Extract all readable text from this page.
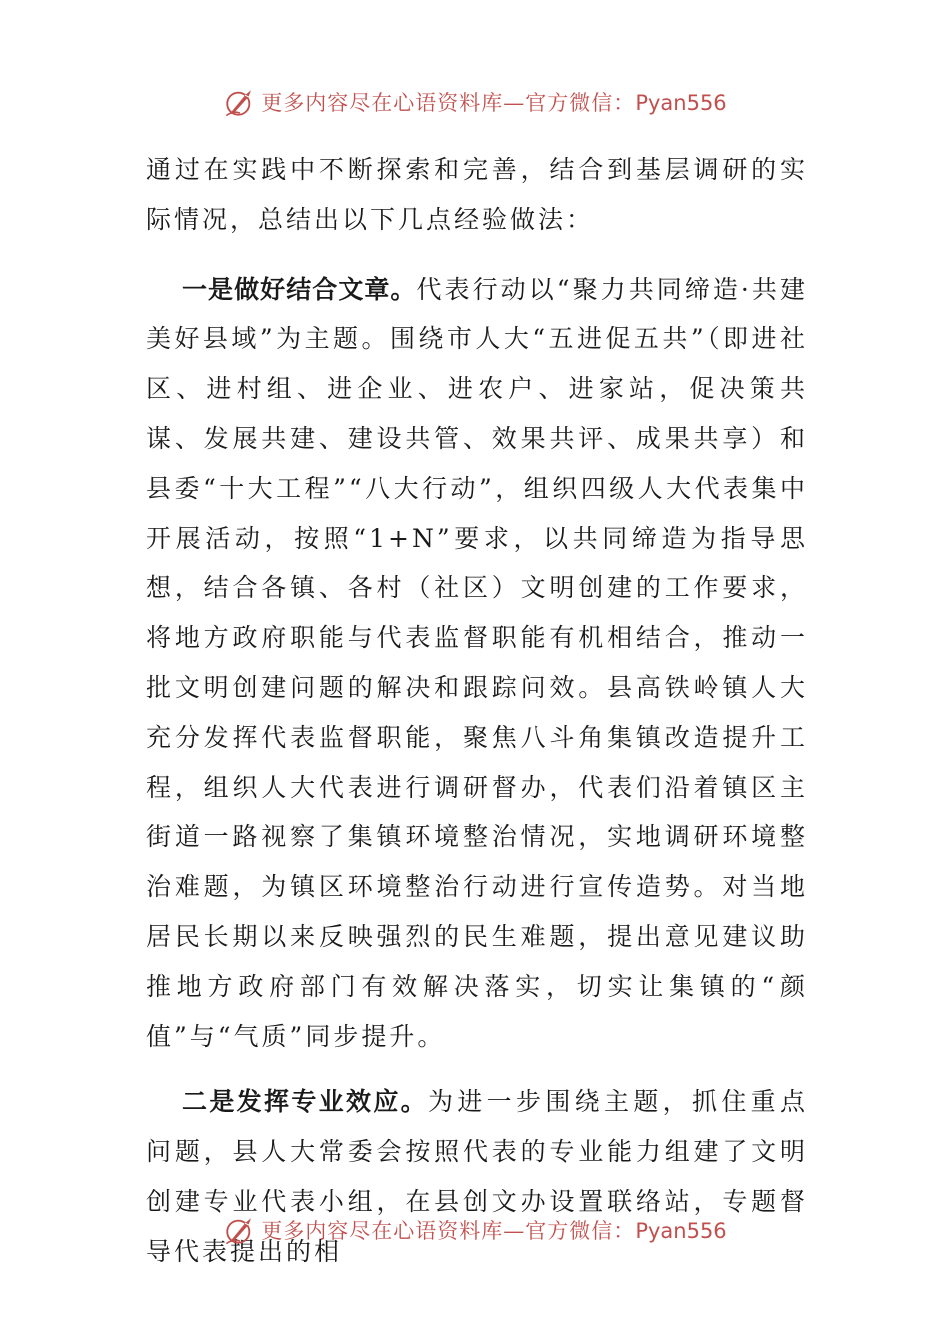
更多内容尽在心语资料库—官方微信：Pyan556

通过在实践中不断探索和完善，结合到基层调研的实际情况，总结出以下几点经验做法：

一是做好结合文章。代表行动以“聚力共同缔造·共建美好县域”为主题。围绕市人大“五进促五共”（即进社区、进村组、进企业、进农户、进家站，促决策共谋、发展共建、建设共管、效果共评、成果共享）和县委“十大工程”“八大行动”，组织四级人大代表集中开展活动，按照“1+N”要求，以共同缔造为指导思想，结合各镇、各村（社区）文明创建的工作要求，将地方政府职能与代表监督职能有机相结合，推动一批文明创建问题的解决和跟踪问效。县高铁岭镇人大充分发挥代表监督职能，聚焦八斗角集镇改造提升工程，组织人大代表进行调研督办，代表们沿着镇区主街道一路视察了集镇环境整治情况，实地调研环境整治难题，为镇区环境整治行动进行宣传造势。对当地居民长期以来反映强烈的民生难题，提出意见建议助推地方政府部门有效解决落实，切实让集镇的“颜值”与“气质”同步提升。

二是发挥专业效应。为进一步围绕主题，抓住重点问题，县人大常委会按照代表的专业能力组建了文明创建专业代表小组，在县创文办设置联络站，专题督导代表提出的相

更多内容尽在心语资料库—官方微信：Pyan556
